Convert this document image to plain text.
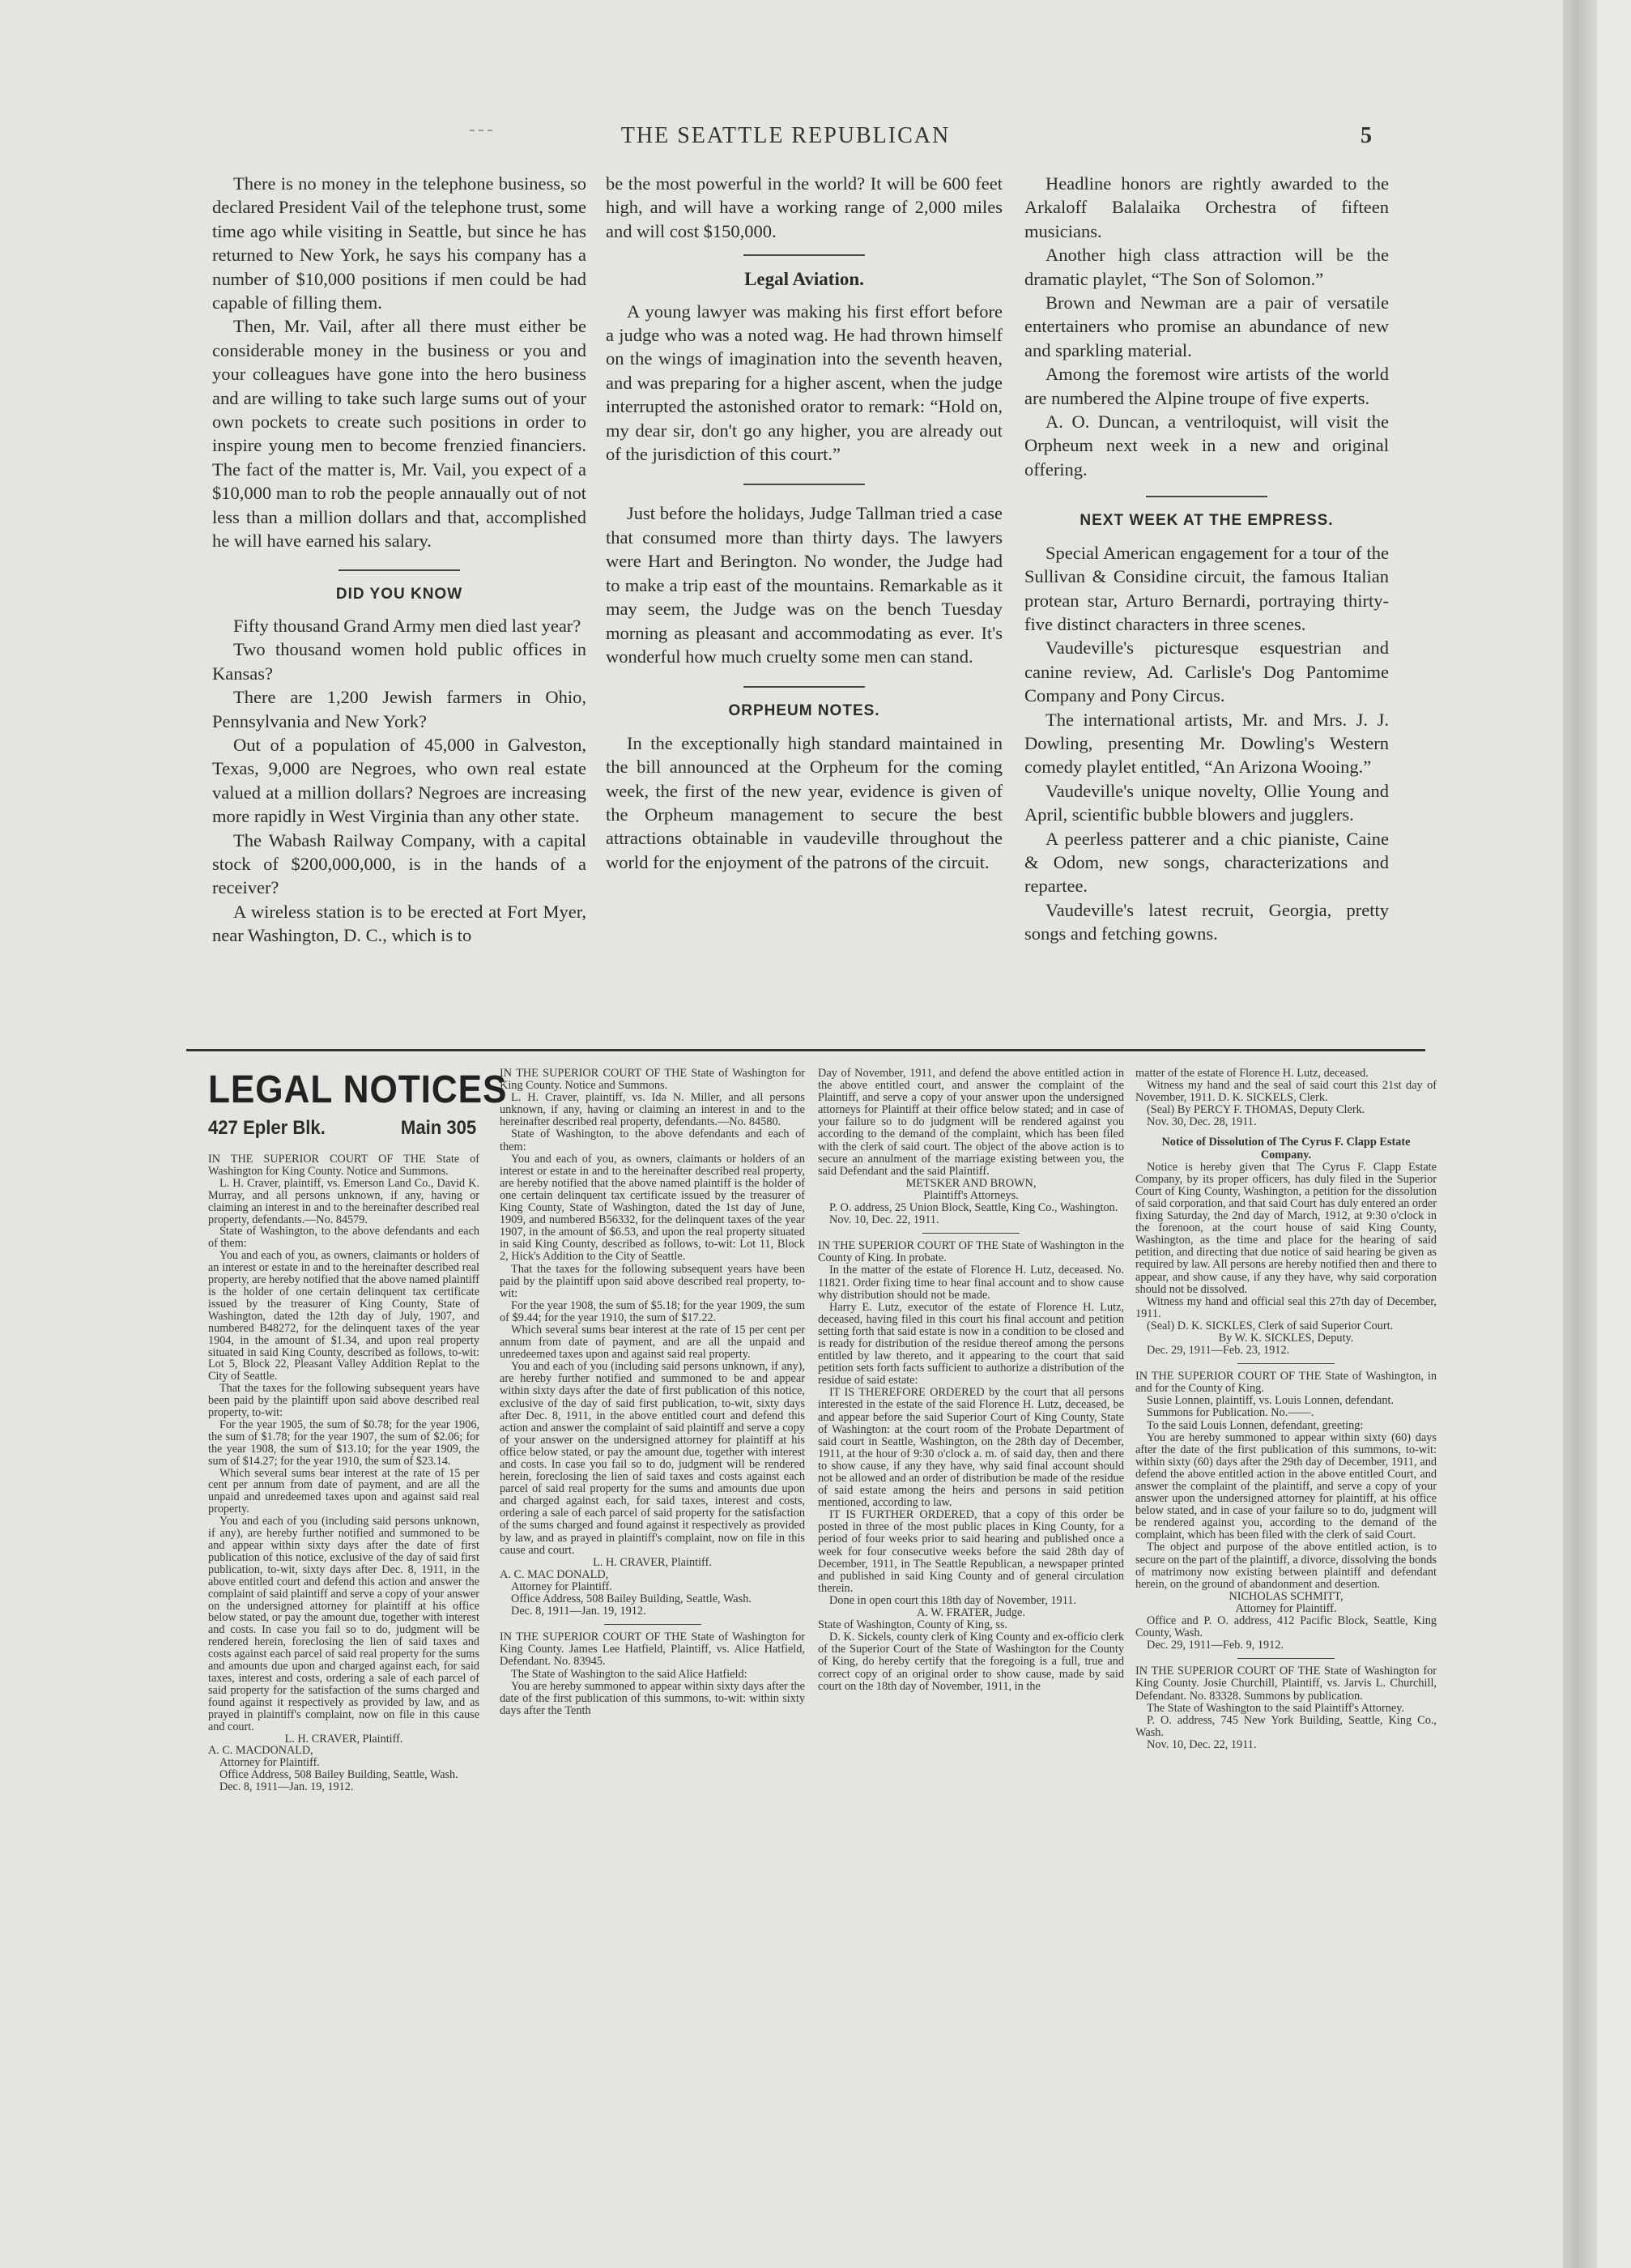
THE SEATTLE REPUBLICAN	5

There is no money in the telephone business, so declared President Vail of the telephone trust, some time ago while visiting in Seattle, but since he has returned to New York, he says his company has a number of $10,000 positions if men could be had capable of filling them.

Then, Mr. Vail, after all there must either be considerable money in the business or you and your colleagues have gone into the hero business and are willing to take such large sums out of your own pockets to create such positions in order to inspire young men to become frenzied financiers. The fact of the matter is, Mr. Vail, you expect of a $10,000 man to rob the people annaually out of not less than a million dollars and that, accomplished he will have earned his salary.

DID YOU KNOW

Fifty thousand Grand Army men died last year?

Two thousand women hold public offices in Kansas?

There are 1,200 Jewish farmers in Ohio, Pennsylvania and New York?

Out of a population of 45,000 in Galveston, Texas, 9,000 are Negroes, who own real estate valued at a million dollars? Negroes are increasing more rapidly in West Virginia than any other state.

The Wabash Railway Company, with a capital stock of $200,000,000, is in the hands of a receiver?

A wireless station is to be erected at Fort Myer, near Washington, D. C., which is to

be the most powerful in the world? It will be 600 feet high, and will have a working range of 2,000 miles and will cost $150,000.

Legal Aviation.

A young lawyer was making his first effort before a judge who was a noted wag. He had thrown himself on the wings of imagination into the seventh heaven, and was preparing for a higher ascent, when the judge interrupted the astonished orator to remark: “Hold on, my dear sir, don't go any higher, you are already out of the jurisdiction of this court.”

Just before the holidays, Judge Tallman tried a case that consumed more than thirty days. The lawyers were Hart and Berington. No wonder, the Judge had to make a trip east of the mountains. Remarkable as it may seem, the Judge was on the bench Tuesday morning as pleasant and accommodating as ever. It's wonderful how much cruelty some men can stand.

ORPHEUM NOTES.

In the exceptionally high standard maintained in the bill announced at the Orpheum for the coming week, the first of the new year, evidence is given of the Orpheum management to secure the best attractions obtainable in vaudeville throughout the world for the enjoyment of the patrons of the circuit.

Headline honors are rightly awarded to the Arkaloff Balalaika Orchestra of fifteen musicians.

Another high class attraction will be the dramatic playlet, “The Son of Solomon.”

Brown and Newman are a pair of versatile entertainers who promise an abundance of new and sparkling material.

Among the foremost wire artists of the world are numbered the Alpine troupe of five experts.

A. O. Duncan, a ventriloquist, will visit the Orpheum next week in a new and original offering.

NEXT WEEK AT THE EMPRESS.

Special American engagement for a tour of the Sullivan & Considine circuit, the famous Italian protean star, Arturo Bernardi, portraying thirty-five distinct characters in three scenes.

Vaudeville's picturesque esquestrian and canine review, Ad. Carlisle's Dog Pantomime Company and Pony Circus.

The international artists, Mr. and Mrs. J. J. Dowling, presenting Mr. Dowling's Western comedy playlet entitled, “An Arizona Wooing.”

Vaudeville's unique novelty, Ollie Young and April, scientific bubble blowers and jugglers.

A peerless patterer and a chic pianiste, Caine & Odom, new songs, characterizations and repartee.

Vaudeville's latest recruit, Georgia, pretty songs and fetching gowns.

LEGAL NOTICES
427 Epler Blk.	Main 305

IN THE SUPERIOR COURT OF THE State of Washington for King County. Notice and Summons.

L. H. Craver, plaintiff, vs. Emerson Land Co., David K. Murray, and all persons unknown, if any, having or claiming an interest in and to the hereinafter described real property, defendants.—No. 84579.

State of Washington, to the above defendants and each of them:

You and each of you, as owners, claimants or holders of an interest or estate in and to the hereinafter described real property, are hereby notified that the above named plaintiff is the holder of one certain delinquent tax certificate issued by the treasurer of King County, State of Washington, dated the 12th day of July, 1907, and numbered B48272, for the delinquent taxes of the year 1904, in the amount of $1.34, and upon real property situated in said King County, described as follows, to-wit: Lot 5, Block 22, Pleasant Valley Addition Replat to the City of Seattle.

That the taxes for the following subsequent years have been paid by the plaintiff upon said above described real property, to-wit:

For the year 1905, the sum of $0.78; for the year 1906, the sum of $1.78; for the year 1907, the sum of $2.06; for the year 1908, the sum of $13.10; for the year 1909, the sum of $14.27; for the year 1910, the sum of $23.14.

Which several sums bear interest at the rate of 15 per cent per annum from date of payment, and are all the unpaid and unredeemed taxes upon and against said real property.

You and each of you (including said persons unknown, if any), are hereby further notified and summoned to be and appear within sixty days after the date of first publication of this notice, exclusive of the day of said first publication, to-wit, sixty days after Dec. 8, 1911, in the above entitled court and defend this action and answer the complaint of said plaintiff and serve a copy of your answer on the undersigned attorney for plaintiff at his office below stated, or pay the amount due, together with interest and costs. In case you fail so to do, judgment will be rendered herein, foreclosing the lien of said taxes and costs against each parcel of said real property for the sums and amounts due upon and charged against each, for said taxes, interest and costs, ordering a sale of each parcel of said property for the satisfaction of the sums charged and found against it respectively as provided by law, and as prayed in plaintiff's complaint, now on file in this cause and court.

L. H. CRAVER, Plaintiff.

A. C. MACDONALD,

Attorney for Plaintiff.

Office Address, 508 Bailey Building, Seattle, Wash.

Dec. 8, 1911—Jan. 19, 1912.

IN THE SUPERIOR COURT OF THE State of Washington for King County. Notice and Summons.

L. H. Craver, plaintiff, vs. Ida N. Miller, and all persons unknown, if any, having or claiming an interest in and to the hereinafter described real property, defendants.—No. 84580.

State of Washington, to the above defendants and each of them:

You and each of you, as owners, claimants or holders of an interest or estate in and to the hereinafter described real property, are hereby notified that the above named plaintiff is the holder of one certain delinquent tax certificate issued by the treasurer of King County, State of Washington, dated the 1st day of June, 1909, and numbered B56332, for the delinquent taxes of the year 1907, in the amount of $6.53, and upon the real property situated in said King County, described as follows, to-wit: Lot 11, Block 2, Hick's Addition to the City of Seattle.

That the taxes for the following subsequent years have been paid by the plaintiff upon said above described real property, to-wit:

For the year 1908, the sum of $5.18; for the year 1909, the sum of $9.44; for the year 1910, the sum of $17.22.

Which several sums bear interest at the rate of 15 per cent per annum from date of payment, and are all the unpaid and unredeemed taxes upon and against said real property.

You and each of you (including said persons unknown, if any), are hereby further notified and summoned to be and appear within sixty days after the date of first publication of this notice, exclusive of the day of said first publication, to-wit, sixty days after Dec. 8, 1911, in the above entitled court and defend this action and answer the complaint of said plaintiff and serve a copy of your answer on the undersigned attorney for plaintiff at his office below stated, or pay the amount due, together with interest and costs. In case you fail so to do, judgment will be rendered herein, foreclosing the lien of said taxes and costs against each parcel of said real property for the sums and amounts due upon and charged against each, for said taxes, interest and costs, ordering a sale of each parcel of said property for the satisfaction of the sums charged and found against it respectively as provided by law, and as prayed in plaintiff's complaint, now on file in this cause and court.

L. H. CRAVER, Plaintiff.

A. C. MAC DONALD,

Attorney for Plaintiff.

Office Address, 508 Bailey Building, Seattle, Wash.

Dec. 8, 1911—Jan. 19, 1912.

IN THE SUPERIOR COURT OF THE State of Washington for King County. James Lee Hatfield, Plaintiff, vs. Alice Hatfield, Defendant. No. 83945.

The State of Washington to the said Alice Hatfield:

You are hereby summoned to appear within sixty days after the date of the first publication of this summons, to-wit: within sixty days after the Tenth

Day of November, 1911, and defend the above entitled action in the above entitled court, and answer the complaint of the Plaintiff, and serve a copy of your answer upon the undersigned attorneys for Plaintiff at their office below stated; and in case of your failure so to do judgment will be rendered against you according to the demand of the complaint, which has been filed with the clerk of said court. The object of the above action is to secure an annulment of the marriage existing between you, the said Defendant and the said Plaintiff.

METSKER AND BROWN,

Plaintiff's Attorneys.

P. O. address, 25 Union Block, Seattle, King Co., Washington.

Nov. 10, Dec. 22, 1911.

IN THE SUPERIOR COURT OF THE State of Washington in the County of King. In probate.

In the matter of the estate of Florence H. Lutz, deceased. No. 11821. Order fixing time to hear final account and to show cause why distribution should not be made.

Harry E. Lutz, executor of the estate of Florence H. Lutz, deceased, having filed in this court his final account and petition setting forth that said estate is now in a condition to be closed and is ready for distribution of the residue thereof among the persons entitled by law thereto, and it appearing to the court that said petition sets forth facts sufficient to authorize a distribution of the residue of said estate:

IT IS THEREFORE ORDERED by the court that all persons interested in the estate of the said Florence H. Lutz, deceased, be and appear before the said Superior Court of King County, State of Washington: at the court room of the Probate Department of said court in Seattle, Washington, on the 28th day of December, 1911, at the hour of 9:30 o'clock a. m. of said day, then and there to show cause, if any they have, why said final account should not be allowed and an order of distribution be made of the residue of said estate among the heirs and persons in said petition mentioned, according to law.

IT IS FURTHER ORDERED, that a copy of this order be posted in three of the most public places in King County, for a period of four weeks prior to said hearing and published once a week for four consecutive weeks before the said 28th day of December, 1911, in The Seattle Republican, a newspaper printed and published in said King County and of general circulation therein.

Done in open court this 18th day of November, 1911.

A. W. FRATER, Judge.

State of Washington, County of King, ss.

D. K. Sickels, county clerk of King County and ex-officio clerk of the Superior Court of the State of Washington for the County of King, do hereby certify that the foregoing is a full, true and correct copy of an original order to show cause, made by said court on the 18th day of November, 1911, in the

matter of the estate of Florence H. Lutz, deceased.

Witness my hand and the seal of said court this 21st day of November, 1911. D. K. SICKELS, Clerk.

(Seal) By PERCY F. THOMAS, Deputy Clerk.

Nov. 30, Dec. 28, 1911.

Notice of Dissolution of The Cyrus F. Clapp Estate Company.

Notice is hereby given that The Cyrus F. Clapp Estate Company, by its proper officers, has duly filed in the Superior Court of King County, Washington, a petition for the dissolution of said corporation, and that said Court has duly entered an order fixing Saturday, the 2nd day of March, 1912, at 9:30 o'clock in the forenoon, at the court house of said King County, Washington, as the time and place for the hearing of said petition, and directing that due notice of said hearing be given as required by law. All persons are hereby notified then and there to appear, and show cause, if any they have, why said corporation should not be dissolved.

Witness my hand and official seal this 27th day of December, 1911.

(Seal) D. K. SICKLES, Clerk of said Superior Court.

By W. K. SICKLES, Deputy.

Dec. 29, 1911—Feb. 23, 1912.

IN THE SUPERIOR COURT OF THE State of Washington, in and for the County of King.

Susie Lonnen, plaintiff, vs. Louis Lonnen, defendant.

Summons for Publication. No.——.

To the said Louis Lonnen, defendant, greeting:

You are hereby summoned to appear within sixty (60) days after the date of the first publication of this summons, to-wit: within sixty (60) days after the 29th day of December, 1911, and defend the above entitled action in the above entitled Court, and answer the complaint of the plaintiff, and serve a copy of your answer upon the undersigned attorney for plaintiff, at his office below stated, and in case of your failure so to do, judgment will be rendered against you, according to the demand of the complaint, which has been filed with the clerk of said Court.

The object and purpose of the above entitled action, is to secure on the part of the plaintiff, a divorce, dissolving the bonds of matrimony now existing between plaintiff and defendant herein, on the ground of abandonment and desertion.

NICHOLAS SCHMITT,

Attorney for Plaintiff.

Office and P. O. address, 412 Pacific Block, Seattle, King County, Wash.

Dec. 29, 1911—Feb. 9, 1912.

IN THE SUPERIOR COURT OF THE State of Washington for King County. Josie Churchill, Plaintiff, vs. Jarvis L. Churchill, Defendant. No. 83328. Summons by publication.

The State of Washington to the said Plaintiff's Attorney.

P. O. address, 745 New York Building, Seattle, King Co., Wash.

Nov. 10, Dec. 22, 1911.
